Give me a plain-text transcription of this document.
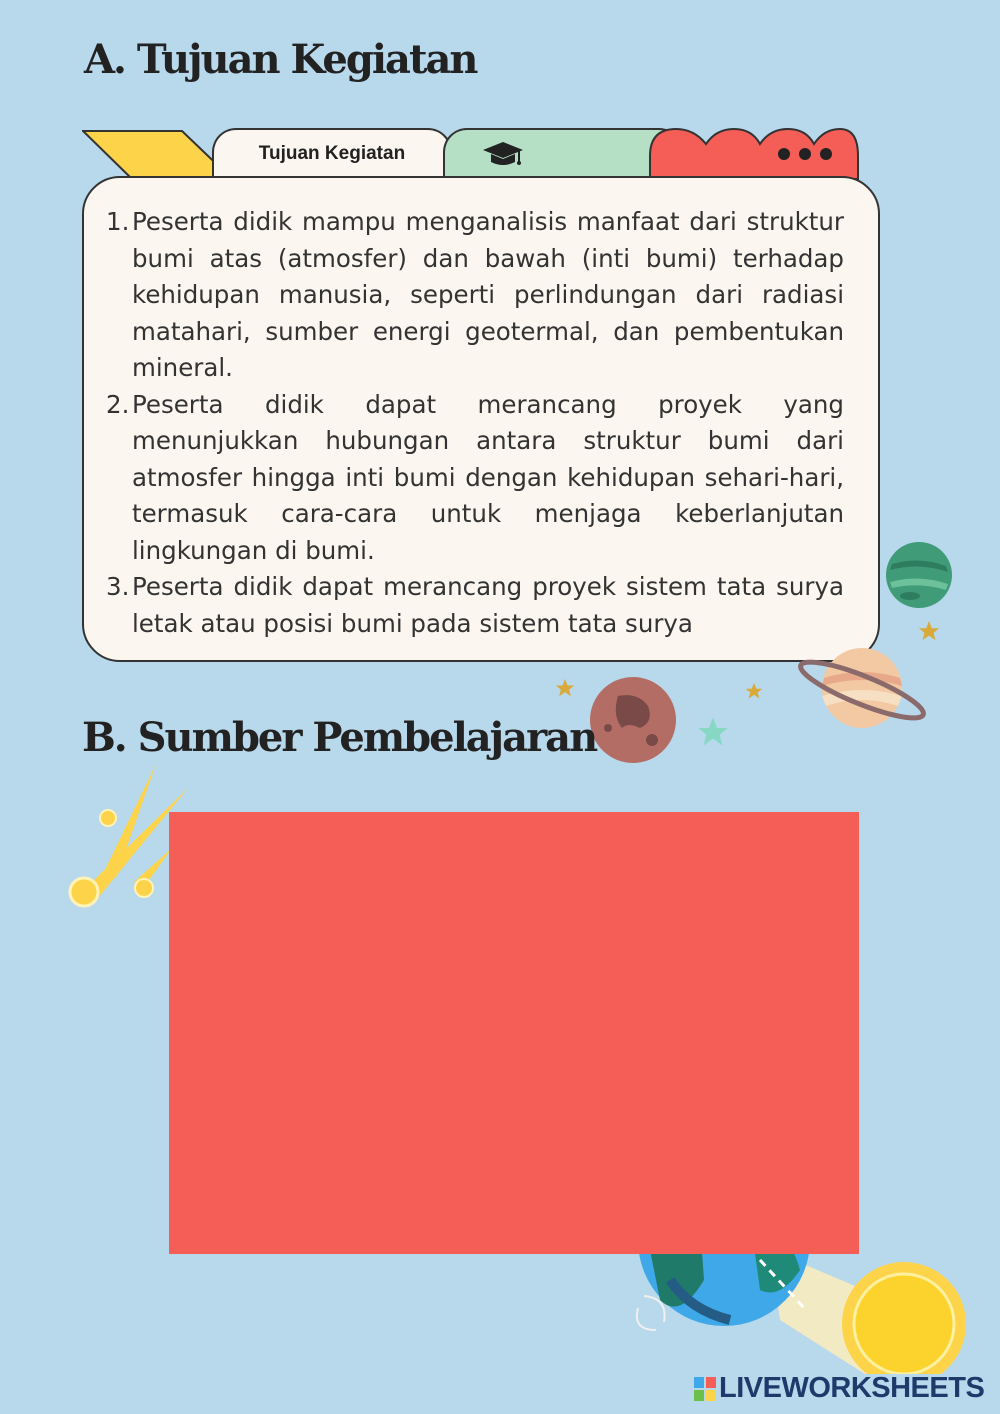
A. Tujuan Kegiatan
Tujuan Kegiatan
1. Peserta didik mampu menganalisis manfaat dari struktur bumi atas (atmosfer) dan bawah (inti bumi) terhadap kehidupan manusia, seperti perlindungan dari radiasi matahari, sumber energi geotermal, dan pembentukan mineral.
2. Peserta didik dapat merancang proyek yang menunjukkan hubungan antara struktur bumi dari atmosfer hingga inti bumi dengan kehidupan sehari-hari, termasuk cara-cara untuk menjaga keberlanjutan lingkungan di bumi.
3. Peserta didik dapat merancang proyek sistem tata surya letak atau posisi bumi pada sistem tata surya
B. Sumber Pembelajaran
LIVEWORKSHEETS
